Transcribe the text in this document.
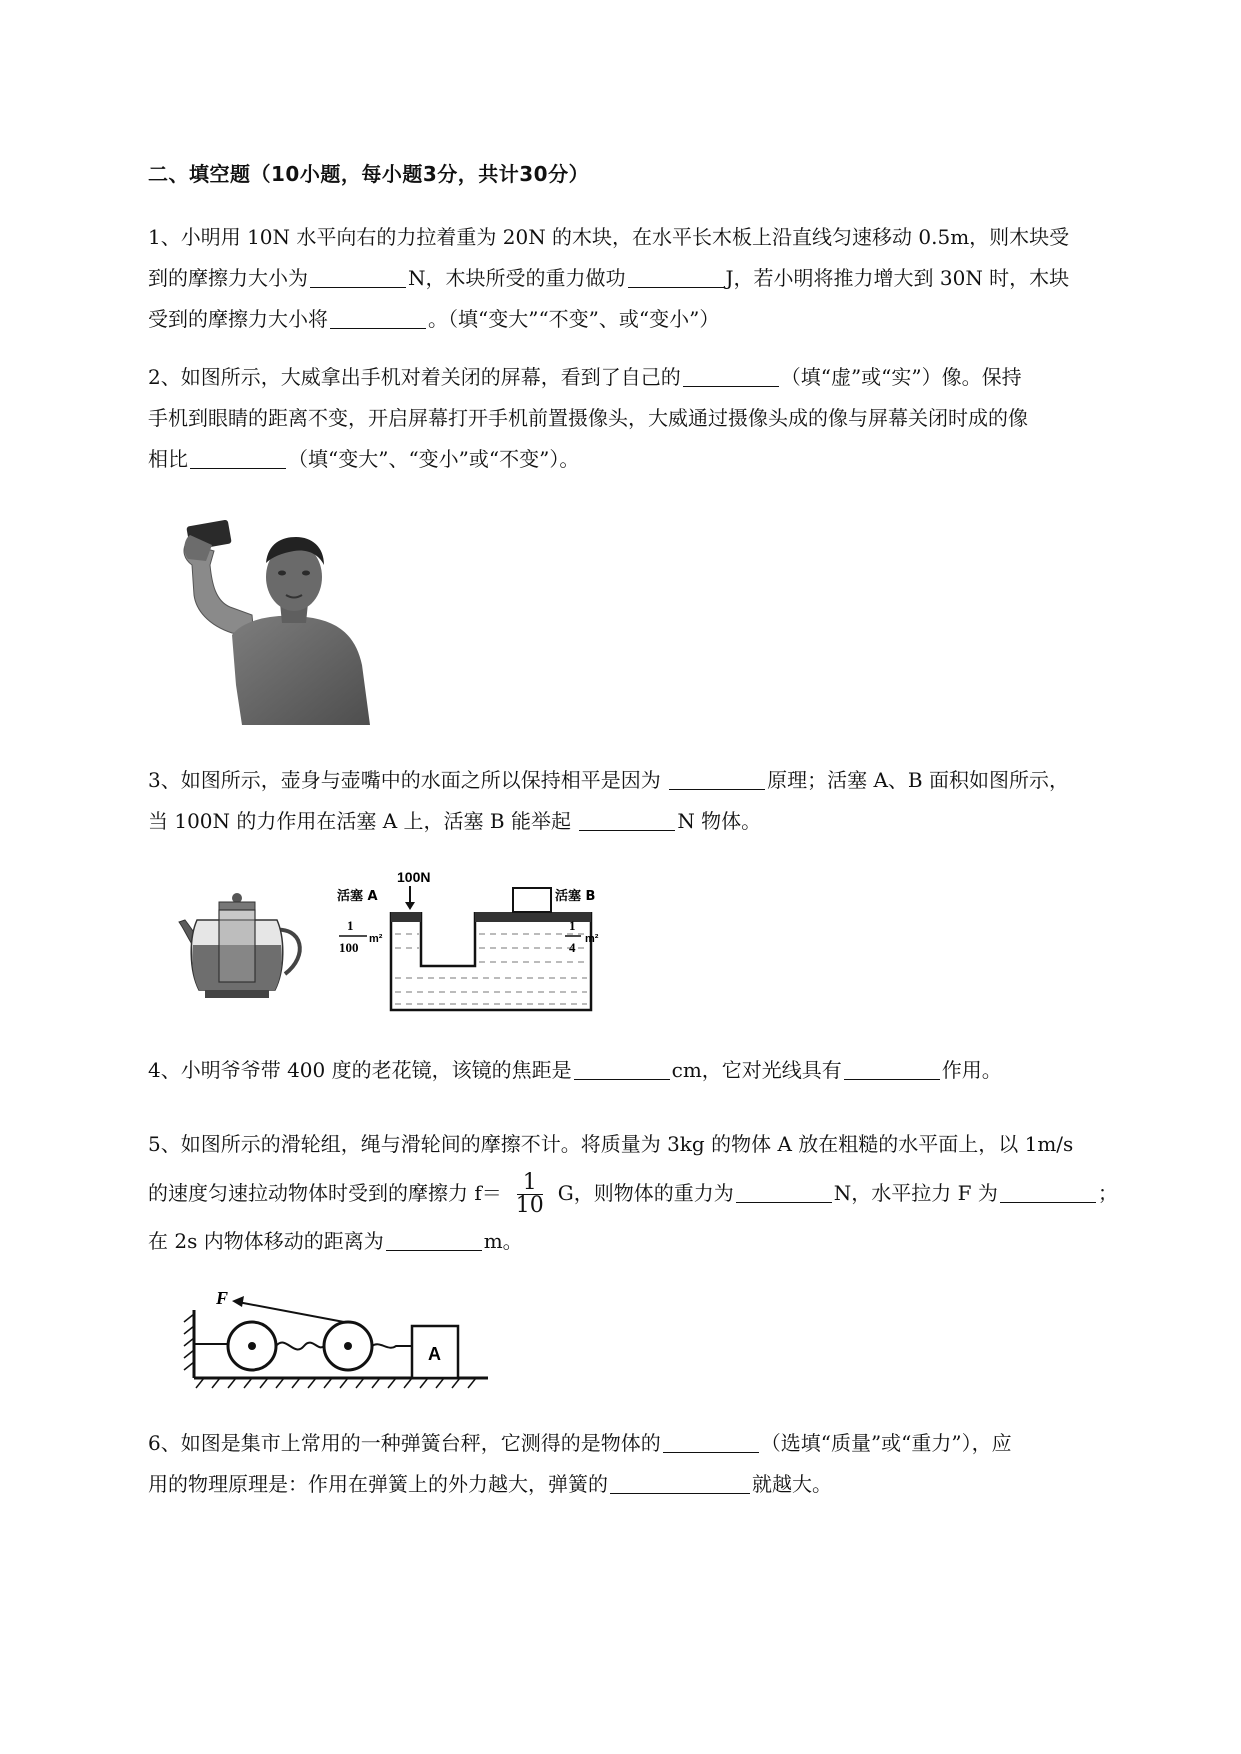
二、填空题（10小题，每小题3分，共计30分）
1、小明用 10N 水平向右的力拉着重为 20N 的木块，在水平长木板上沿直线匀速移动 0.5m，则木块受
到的摩擦力大小为	N，木块所受的重力做功	J，若小明将推力增大到 30N 时，木块
受到的摩擦力大小将	。（填“变大”“不变”、或“变小”）
2、如图所示，大威拿出手机对着关闭的屏幕，看到了自己的	（填“虚”或“实”）像。保持
手机到眼睛的距离不变，开启屏幕打开手机前置摄像头，大威通过摄像头成的像与屏幕关闭时成的像
相比	（填“变大”、“变小”或“不变”）。
3、如图所示，壶身与壶嘴中的水面之所以保持相平是因为	原理；活塞 A、B 面积如图所示，
当 100N 的力作用在活塞 A 上，活塞 B 能举起	N 物体。
100N
活塞 A
1
100
m²
活塞 B
1
4
m²
4、小明爷爷带 400 度的老花镜，该镜的焦距是	cm，它对光线具有	作用。
5、如图所示的滑轮组，绳与滑轮间的摩擦不计。将质量为 3kg 的物体 A 放在粗糙的水平面上，以 1m/s
的速度匀速拉动物体时受到的摩擦力 $f= \frac{1}{10}$ G，则物体的重力为	N，水平拉力 F 为	；
在 2s 内物体移动的距离为	m。
A
F
6、如图是集市上常用的一种弹簧台秤，它测得的是物体的	（选填“质量”或“重力”），应
用的物理原理是：作用在弹簧上的外力越大，弹簧的	就越大。
